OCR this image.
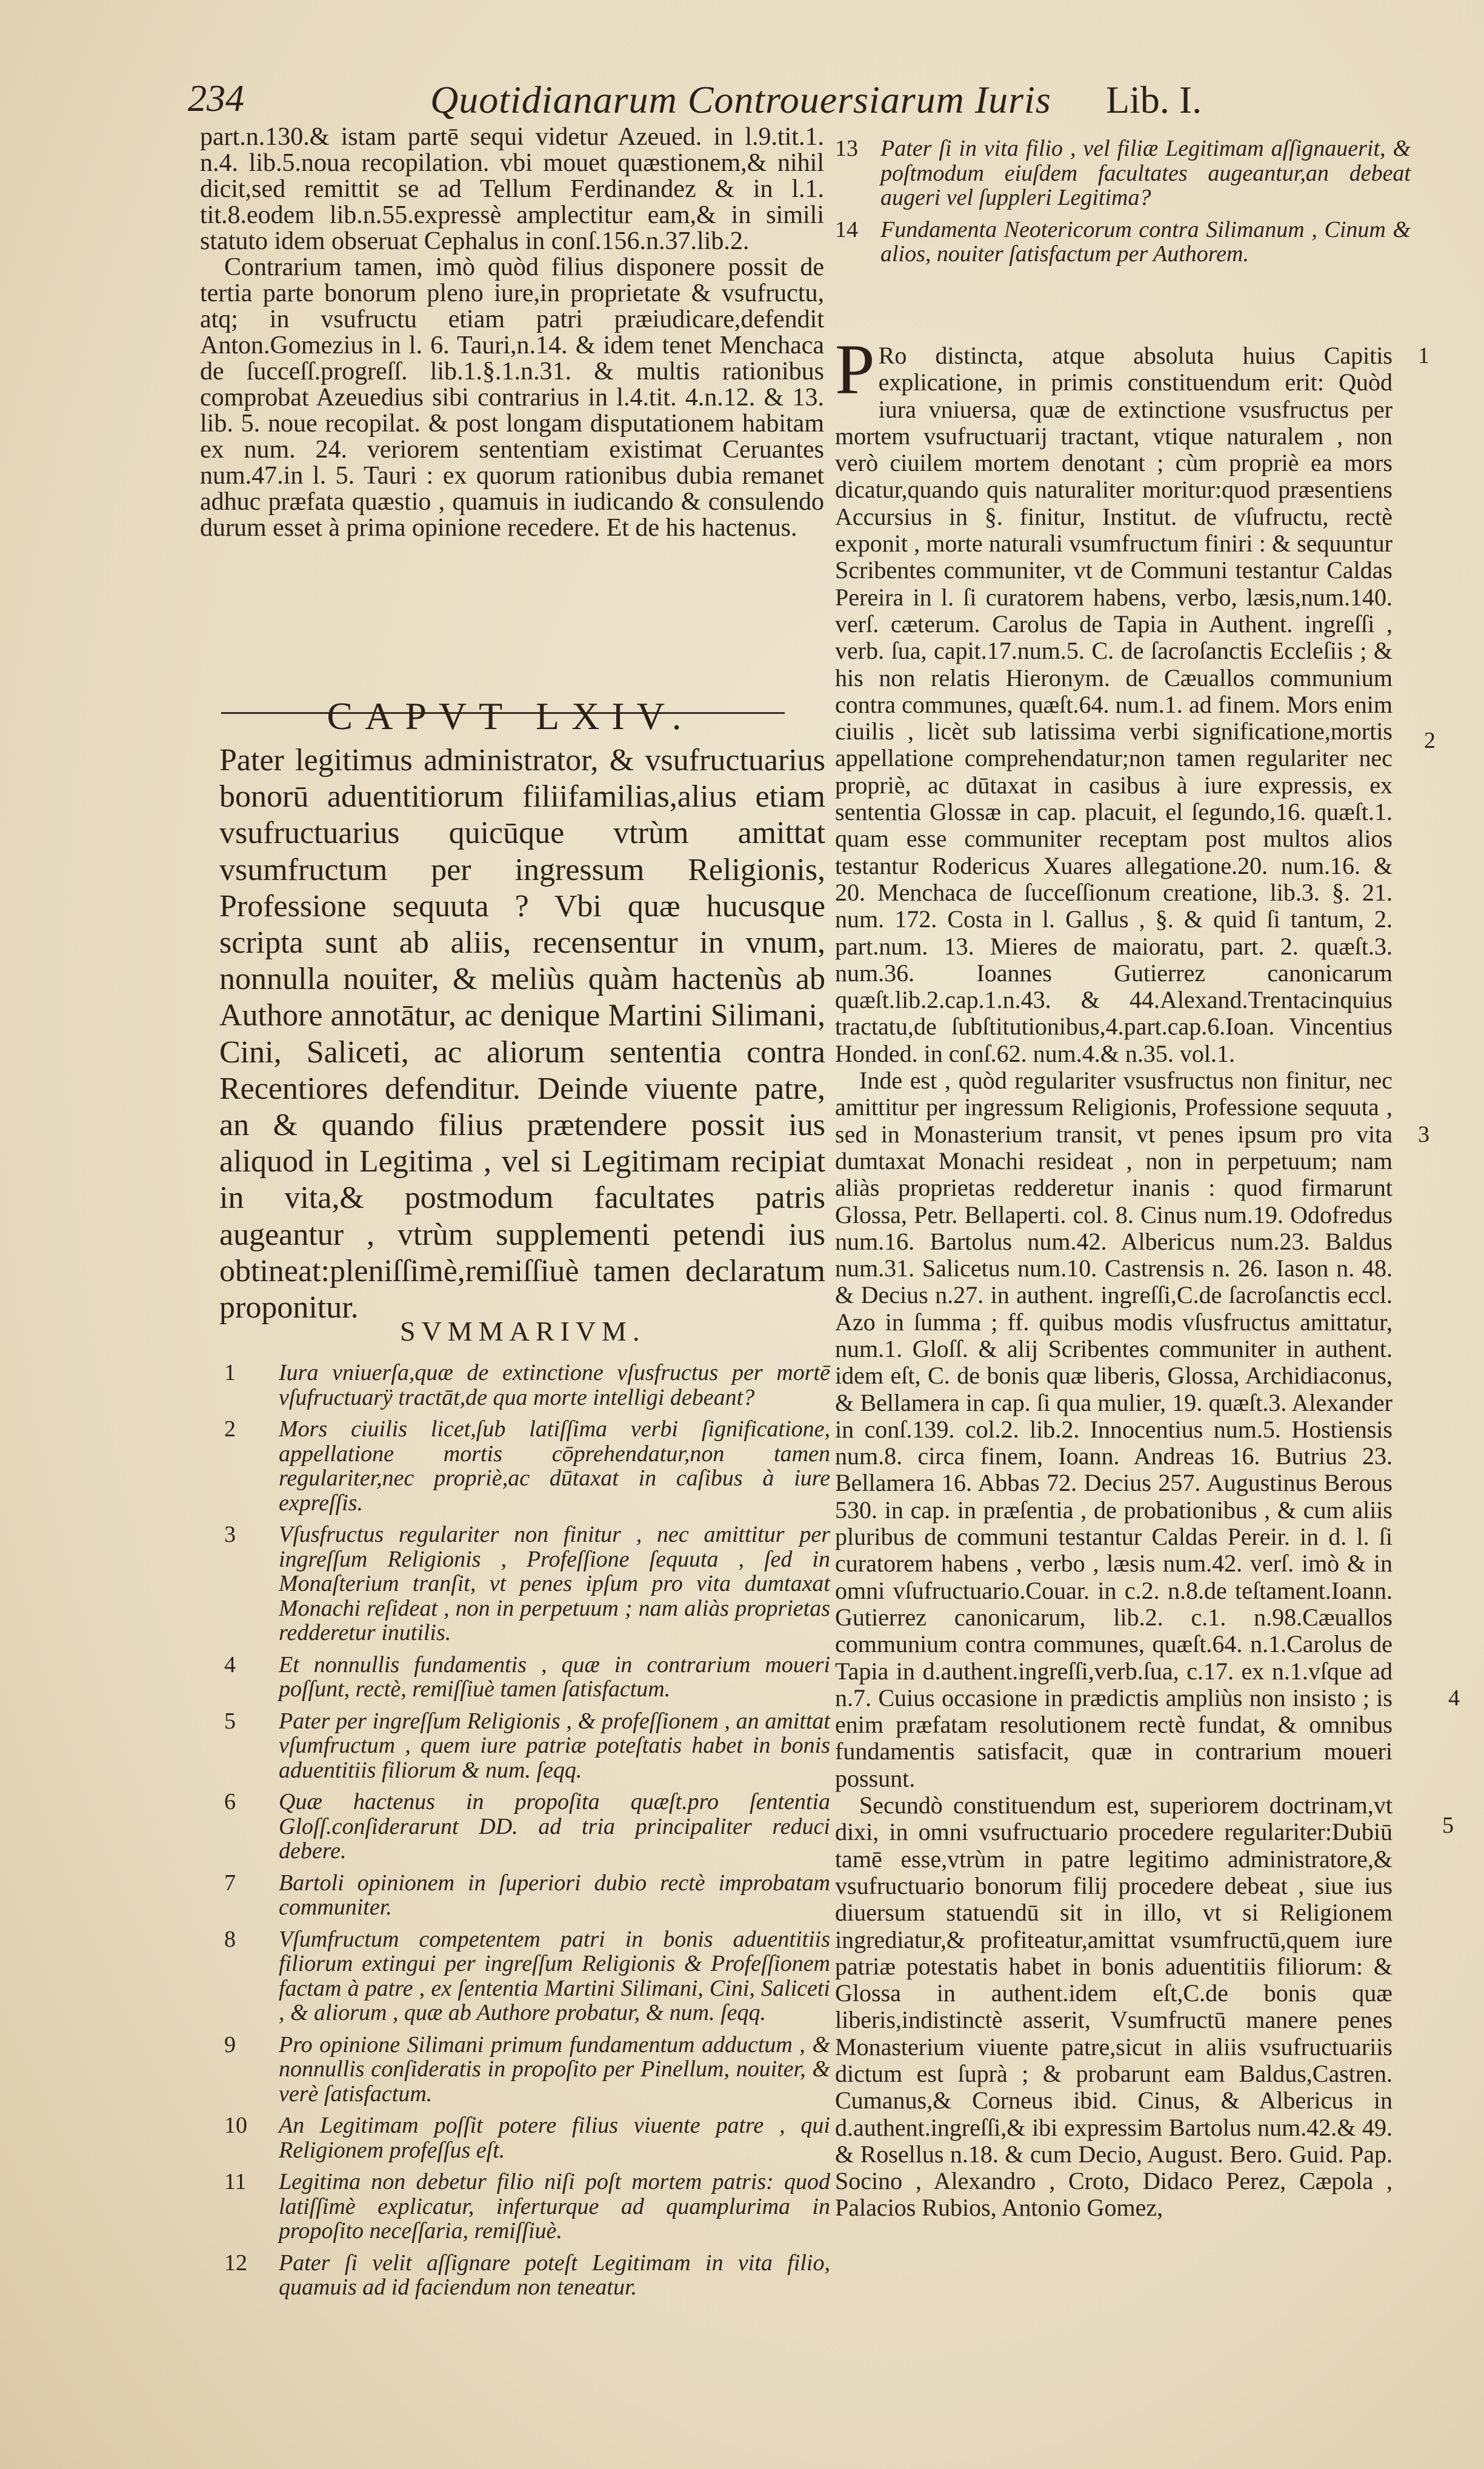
234	Quotidianarum Controuersiarum Iuris Lib. I.

part.n.130.& istam partē sequi videtur Azeued. in l.9.tit.1. n.4. lib.5.noua recopilation. vbi mouet quæstionem,& nihil dicit,sed remittit se ad Tellum Ferdinandez & in l.1. tit.8.eodem lib.n.55.expressè amplectitur eam,& in simili statuto idem obseruat Cephalus in conſ.156.n.37.lib.2.

Contrarium tamen, imò quòd filius disponere possit de tertia parte bonorum pleno iure,in proprietate & vsufructu, atq; in vsufructu etiam patri præiudicare,defendit Anton.Gomezius in l. 6. Tauri,n.14. & idem tenet Menchaca de ſucceſſ.progreſſ. lib.1.§.1.n.31. & multis rationibus comprobat Azeuedius sibi contrarius in l.4.tit. 4.n.12. & 13. lib. 5. noue recopilat. & post longam disputationem habitam ex num. 24. veriorem sententiam existimat Ceruantes num.47.in l. 5. Tauri : ex quorum rationibus dubia remanet adhuc præfata quæstio , quamuis in iudicando & consulendo durum esset à prima opinione recedere. Et de his hactenus.

CAPVT LXIV.
Pater legitimus administrator, & vsufructuarius bonorū aduentitiorum filiifamilias,alius etiam vsufructuarius quicūque vtrùm amittat vsumfructum per ingressum Religionis, Professione sequuta ? Vbi quæ hucusque scripta sunt ab aliis, recensentur in vnum, nonnulla nouiter, & meliùs quàm hactenùs ab Authore annotātur, ac denique Martini Silimani, Cini, Saliceti, ac aliorum sententia contra Recentiores defenditur. Deinde viuente patre, an & quando filius prætendere possit ius aliquod in Legitima , vel si Legitimam recipiat in vita,& postmodum facultates patris augeantur , vtrùm supplementi petendi ius obtineat:pleniſſimè,remiſſiuè tamen declaratum proponitur.
SVMMARIVM.
1 Iura vniuerſa,quæ de extinctione vſusfructus per mortē vſufructuarÿ tractāt,de qua morte intelligi debeant?
2 Mors ciuilis licet,ſub latiſſima verbi ſignificatione, appellatione mortis cōprehendatur,non tamen regulariter,nec propriè,ac dūtaxat in caſibus à iure expreſſis.
3 Vſusfructus regulariter non finitur , nec amittitur per ingreſſum Religionis , Profeſſione ſequuta , ſed in Monaſterium tranſit, vt penes ipſum pro vita dumtaxat Monachi reſideat , non in perpetuum ; nam aliàs proprietas redderetur inutilis.
4 Et nonnullis fundamentis , quæ in contrarium moueri poſſunt, rectè, remiſſiuè tamen ſatisfactum.
5 Pater per ingreſſum Religionis , & profeſſionem , an amittat vſumfructum , quem iure patriæ poteſtatis habet in bonis aduentitiis filiorum & num. ſeqq.
6 Quæ hactenus in propoſita quæſt.pro ſententia Gloſſ.conſiderarunt DD. ad tria principaliter reduci debere.
7 Bartoli opinionem in ſuperiori dubio rectè improbatam communiter.
8 Vſumfructum competentem patri in bonis aduentitiis filiorum extingui per ingreſſum Religionis & Profeſſionem factam à patre , ex ſententia Martini Silimani, Cini, Saliceti , & aliorum , quæ ab Authore probatur, & num. ſeqq.
9 Pro opinione Silimani primum fundamentum adductum , & nonnullis conſideratis in propoſito per Pinellum, nouiter, & verè ſatisfactum.
10 An Legitimam poſſit potere filius viuente patre , qui Religionem profeſſus eſt.
11 Legitima non debetur filio niſi poſt mortem patris: quod latiſſimè explicatur, inferturque ad quamplurima in propoſito neceſſaria, remiſſiuè.
12 Pater ſi velit aſſignare poteſt Legitimam in vita filio, quamuis ad id faciendum non teneatur.
13 Pater ſi in vita filio , vel filiæ Legitimam aſſignauerit, & poſtmodum eiuſdem facultates augeantur,an debeat augeri vel ſuppleri Legitima?
14 Fundamenta Neotericorum contra Silimanum , Cinum & alios, nouiter ſatisfactum per Authorem.

P Ro distincta, atque absoluta huius Capitis explicatione, in primis constituendum erit: Quòd iura vniuersa, quæ de extinctione vsusfructus per mortem vsufructuarij tractant, vtique naturalem , non verò ciuilem mortem denotant ; cùm propriè ea mors dicatur,quando quis naturaliter moritur:quod præsentiens Accursius in §. finitur, Institut. de vſufructu, rectè exponit , morte naturali vsumfructum finiri : & sequuntur Scribentes communiter, vt de Communi testantur Caldas Pereira in l. ſi curatorem habens, verbo, læsis,num.140. verſ. cæterum. Carolus de Tapia in Authent. ingreſſi , verb. ſua, capit.17.num.5. C. de ſacroſanctis Eccleſiis ; & his non relatis Hieronym. de Cæuallos communium contra communes, quæſt.64. num.1. ad finem. Mors enim ciuilis , licèt sub latissima verbi significatione,mortis appellatione comprehendatur;non tamen regulariter nec propriè, ac dūtaxat in casibus à iure expressis, ex sententia Glossæ in cap. placuit, el ſegundo,16. quæſt.1. quam esse communiter receptam post multos alios testantur Rodericus Xuares allegatione.20. num.16. & 20. Menchaca de ſucceſſionum creatione, lib.3. §. 21. num. 172. Costa in l. Gallus , §. & quid ſi tantum, 2. part.num. 13. Mieres de maioratu, part. 2. quæſt.3. num.36. Ioannes Gutierrez canonicarum quæſt.lib.2.cap.1.n.43. & 44.Alexand.Trentacinquius tractatu,de ſubſtitutionibus,4.part.cap.6.Ioan. Vincentius Honded. in conſ.62. num.4.& n.35. vol.1.

Inde est , quòd regulariter vsusfructus non finitur, nec amittitur per ingressum Religionis, Professione sequuta , sed in Monasterium transit, vt penes ipsum pro vita dumtaxat Monachi resideat , non in perpetuum; nam aliàs proprietas redderetur inanis : quod firmarunt Glossa, Petr. Bellaperti. col. 8. Cinus num.19. Odofredus num.16. Bartolus num.42. Albericus num.23. Baldus num.31. Salicetus num.10. Castrensis n. 26. Iason n. 48. & Decius n.27. in authent. ingreſſi,C.de ſacroſanctis eccl. Azo in ſumma ; ff. quibus modis vſusfructus amittatur, num.1. Gloſſ. & alij Scribentes communiter in authent. idem eſt, C. de bonis quæ liberis, Glossa, Archidiaconus, & Bellamera in cap. ſi qua mulier, 19. quæſt.3. Alexander in conſ.139. col.2. lib.2. Innocentius num.5. Hostiensis num.8. circa finem, Ioann. Andreas 16. Butrius 23. Bellamera 16. Abbas 72. Decius 257. Augustinus Berous 530. in cap. in præſentia , de probationibus , & cum aliis pluribus de communi testantur Caldas Pereir. in d. l. ſi curatorem habens , verbo , læsis num.42. verſ. imò & in omni vſufructuario.Couar. in c.2. n.8.de teſtament.Ioann. Gutierrez canonicarum, lib.2. c.1. n.98.Cæuallos communium contra communes, quæſt.64. n.1.Carolus de Tapia in d.authent.ingreſſi,verb.ſua, c.17. ex n.1.vſque ad n.7. Cuius occasione in prædictis ampliùs non insisto ; is enim præfatam resolutionem rectè fundat, & omnibus fundamentis satisfacit, quæ in contrarium moueri possunt.

Secundò constituendum est, superiorem doctrinam,vt dixi, in omni vsufructuario procedere regulariter:Dubiū tamē esse,vtrùm in patre legitimo administratore,& vsufructuario bonorum filij procedere debeat , siue ius diuersum statuendū sit in illo, vt si Religionem ingrediatur,& profiteatur,amittat vsumfructū,quem iure patriæ potestatis habet in bonis aduentitiis filiorum: & Glossa in authent.idem eſt,C.de bonis quæ liberis,indistinctè asserit, Vsumfructū manere penes Monasterium viuente patre,sicut in aliis vsufructuariis dictum est ſuprà ; & probarunt eam Baldus,Castren. Cumanus,& Corneus ibid. Cinus, & Albericus in d.authent.ingreſſi,& ibi expressim Bartolus num.42.& 49. & Rosellus n.18. & cum Decio, August. Bero. Guid. Pap. Socino , Alexandro , Croto, Didaco Perez, Cæpola , Palacios Rubios, Antonio Gomez,

1
2
3
4
5
